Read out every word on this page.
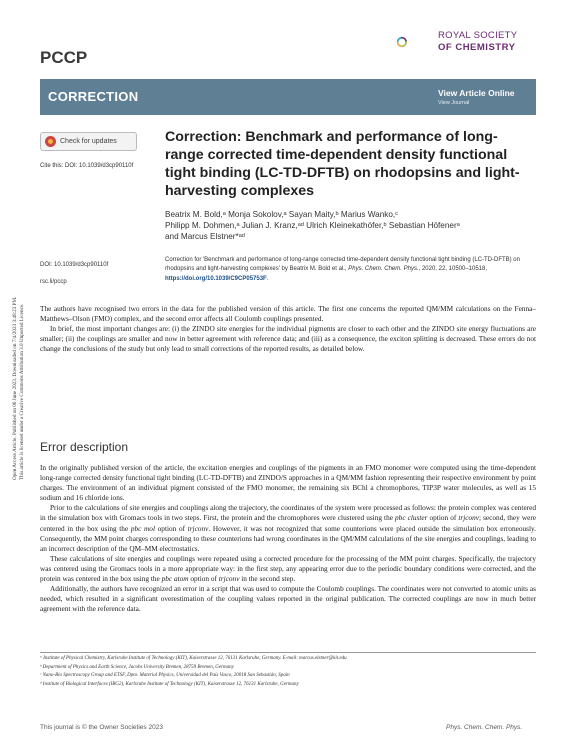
PCCP
ROYAL SOCIETY
OF CHEMISTRY
CORRECTION	View Article Online
View Journal
Open Access Article. Published on 06 June 2023. Downloaded on 7/4/2023 3:48:23 PM. This article is licensed under a Creative Commons Attribution 3.0 Unported Licence.
Check for updates
Cite this: DOI: 10.1039/d3cp90110f
DOI: 10.1039/d3cp90110f
rsc.li/pccp
Correction: Benchmark and performance of long-range corrected time-dependent density functional tight binding (LC-TD-DFTB) on rhodopsins and light-harvesting complexes
Beatrix M. Bold,ᵃ Monja Sokolov,ᵃ Sayan Maity,ᵇ Marius Wanko,ᶜ
Philipp M. Dohmen,ᵃ Julian J. Kranz,ᵃᵈ Ulrich Kleinekathöfer,ᵇ Sebastian Höfenerᵃ
and Marcus Elstner*ᵃᵈ
Correction for 'Benchmark and performance of long-range corrected time-dependent density functional tight binding (LC-TD-DFTB) on rhodopsins and light-harvesting complexes' by Beatrix M. Bold et al., Phys. Chem. Chem. Phys., 2020, 22, 10500–10518, https://doi.org/10.1039/C9CP05753F.

The authors have recognised two errors in the data for the published version of this article. The first one concerns the reported QM/MM calculations on the Fenna–Matthews–Olson (FMO) complex, and the second error affects all Coulomb couplings presented.

In brief, the most important changes are: (i) the ZINDO site energies for the individual pigments are closer to each other and the ZINDO site energy fluctuations are smaller; (ii) the couplings are smaller and now in better agreement with reference data; and (iii) as a consequence, the exciton splitting is decreased. These errors do not change the conclusions of the study but only lead to small corrections of the reported results, as detailed below.

Error description

In the originally published version of the article, the excitation energies and couplings of the pigments in an FMO monomer were computed using the time-dependent long-range corrected density functional tight binding (LC-TD-DFTB) and ZINDO/S approaches in a QM/MM fashion representing their respective environment by point charges. The environment of an individual pigment consisted of the FMO monomer, the remaining six BChl a chromophores, TIP3P water molecules, as well as 15 sodium and 16 chloride ions.

Prior to the calculations of site energies and couplings along the trajectory, the coordinates of the system were processed as follows: the protein complex was centered in the simulation box with Gromacs tools in two steps. First, the protein and the chromophores were clustered using the pbc cluster option of trjconv; second, they were centered in the box using the pbc mol option of trjconv. However, it was not recognized that some counterions were placed outside the simulation box erroneously. Consequently, the MM point charges corresponding to these counterions had wrong coordinates in the QM/MM calculations of the site energies and couplings, leading to an incorrect description of the QM–MM electrostatics.

These calculations of site energies and couplings were repeated using a corrected procedure for the processing of the MM point charges. Specifically, the trajectory was centered using the Gromacs tools in a more appropriate way: in the first step, any appearing error due to the periodic boundary conditions were corrected, and the protein was centered in the box using the pbc atom option of trjconv in the second step.

Additionally, the authors have recognized an error in a script that was used to compute the Coulomb couplings. The coordinates were not converted to atomic units as needed, which resulted in a significant overestimation of the coupling values reported in the original publication. The corrected couplings are now in much better agreement with the reference data.

ᵃ Institute of Physical Chemistry, Karlsruhe Institute of Technology (KIT), Kaiserstrasse 12, 76131 Karlsruhe, Germany. E-mail: marcus.elstner@kit.edu
ᵇ Department of Physics and Earth Science, Jacobs University Bremen, 28759 Bremen, Germany
ᶜ Nano-Bio Spectroscopy Group and ETSF, Dpto. Material Physics, Universidad del País Vasco, 20018 San Sebastián, Spain
ᵈ Institute of Biological Interfaces (IBG2), Karlsruhe Institute of Technology (KIT), Kaiserstrasse 12, 76131 Karlsruhe, Germany
This journal is © the Owner Societies 2023	Phys. Chem. Chem. Phys.
